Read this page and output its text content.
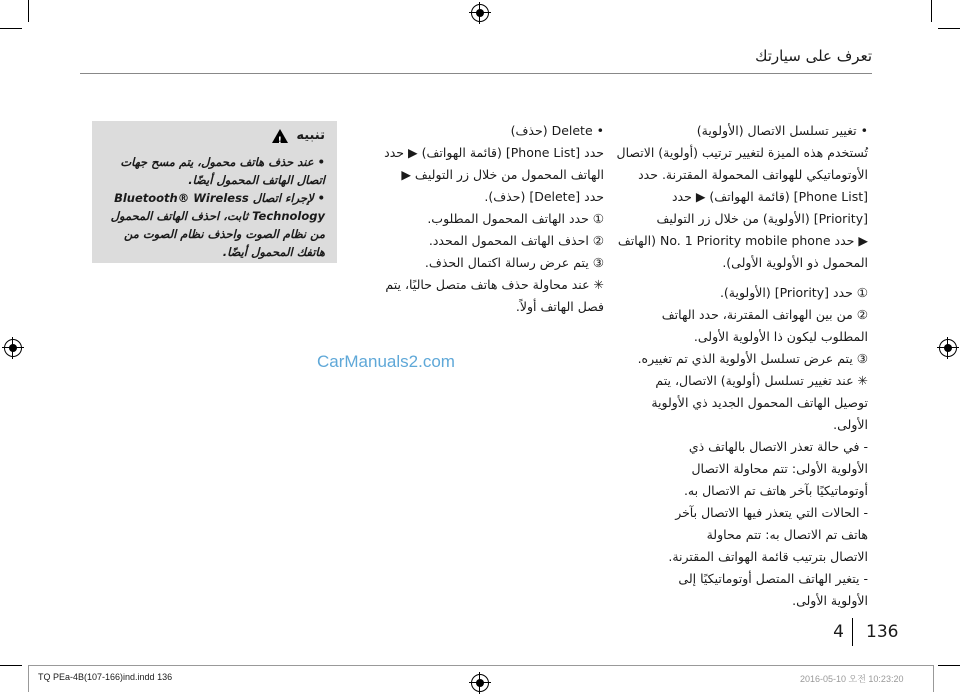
تعرف على سيارتك

• تغيير تسلسل الاتصال (الأولوية)

تُستخدم هذه الميزة لتغيير ترتيب (أولوية) الاتصال

الأوتوماتيكي للهواتف المحمولة المقترنة. حدد

[Phone List] (قائمة الهواتف) ▶ حدد

[Priority] (الأولوية) من خلال زر التوليف

▶ حدد No. 1 Priority mobile phone (الهاتف

المحمول ذو الأولوية الأولى).

① حدد [Priority] (الأولوية).

② من بين الهواتف المقترنة، حدد الهاتف

المطلوب ليكون ذا الأولوية الأولى.

③ يتم عرض تسلسل الأولوية الذي تم تغييره.

✳ عند تغيير تسلسل (أولوية) الاتصال، يتم

توصيل الهاتف المحمول الجديد ذي الأولوية

الأولى.

- في حالة تعذر الاتصال بالهاتف ذي

الأولوية الأولى: تتم محاولة الاتصال

أوتوماتيكيًا بآخر هاتف تم الاتصال به.

- الحالات التي يتعذر فيها الاتصال بآخر

هاتف تم الاتصال به: تتم محاولة

الاتصال بترتيب قائمة الهواتف المقترنة.

- يتغير الهاتف المتصل أوتوماتيكيًا إلى

الأولوية الأولى.

• Delete (حذف)

حدد [Phone List] (قائمة الهواتف) ▶ حدد

الهاتف المحمول من خلال زر التوليف ▶

حدد [Delete] (حذف).

① حدد الهاتف المحمول المطلوب.

② احذف الهاتف المحمول المحدد.

③ يتم عرض رسالة اكتمال الحذف.

✳ عند محاولة حذف هاتف متصل حاليًا، يتم

فصل الهاتف أولاً.

تنبيه
!

• عند حذف هاتف محمول، يتم مسح جهات

اتصال الهاتف المحمول أيضًا.

• لإجراء اتصال Bluetooth® Wireless

Technology ثابت، احذف الهاتف المحمول

من نظام الصوت واحذف نظام الصوت من

هاتفك المحمول أيضًا.

CarManuals2.com
4 136
TQ PEa-4B(107-166)ind.indd 136	2016-05-10 오전 10:23:20
